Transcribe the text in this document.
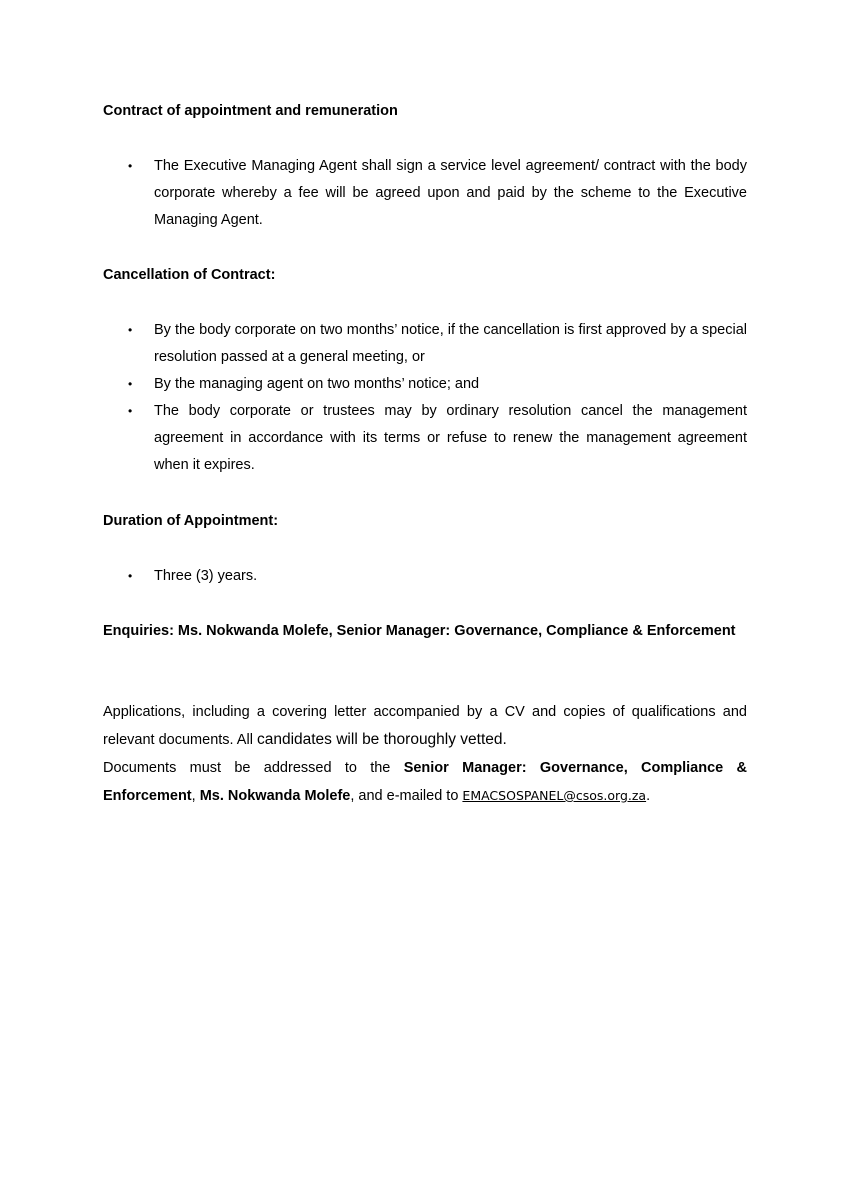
Contract of appointment and remuneration
•	The Executive Managing Agent shall sign a service level agreement/ contract with the body corporate whereby a fee will be agreed upon and paid by the scheme to the Executive Managing Agent.
Cancellation of Contract:
•	By the body corporate on two months’ notice, if the cancellation is first approved by a special resolution passed at a general meeting, or
•	By the managing agent on two months’ notice; and
•	The body corporate or trustees may by ordinary resolution cancel the management agreement in accordance with its terms or refuse to renew the management agreement when it expires.
Duration of Appointment:
•	Three (3) years.

Enquiries: Ms. Nokwanda Molefe, Senior Manager: Governance, Compliance & Enforcement

Applications, including a covering letter accompanied by a CV and copies of qualifications and relevant documents. All candidates will be thoroughly vetted.

Documents must be addressed to the Senior Manager: Governance, Compliance & Enforcement, Ms. Nokwanda Molefe, and e-mailed to EMACSOSPANEL@csos.org.za.
